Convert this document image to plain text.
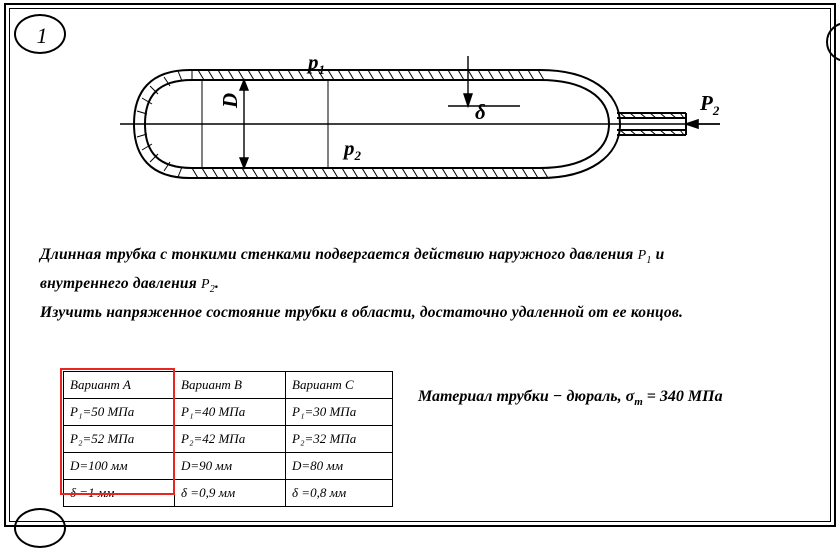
1
$p_1$
$p_2$
D	δ	$P_2$
Длинная трубка с тонкими стенками подвергается действию наружного давления $P_1$ и
внутреннего давления $P_2$.
Изучить напряженное состояние трубки в области, достаточно удаленной от ее концов.
Вариант A	Вариант B	Вариант C
P₁=50 МПа	P₁=40 МПа	P₁=30 МПа
P₂=52 МПа	P₂=42 МПа	P₂=32 МПа
D=100 мм	D=90 мм	D=80 мм
δ =1 мм	δ =0,9 мм	δ =0,8 мм
Материал трубки − дюраль, $\sigma_т = 340$ МПа
